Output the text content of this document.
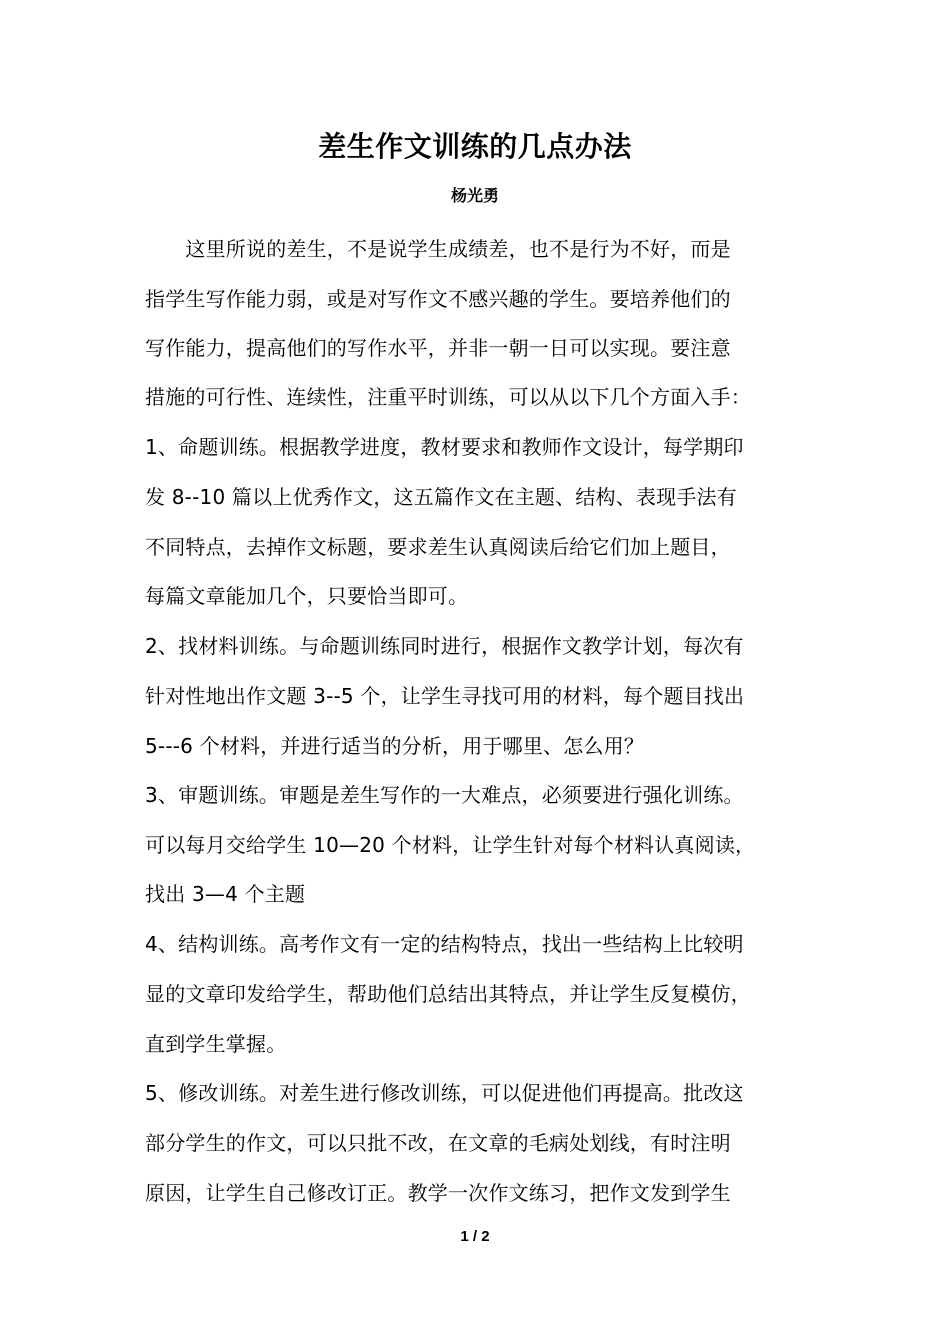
差生作文训练的几点办法
杨光勇
　　这里所说的差生，不是说学生成绩差，也不是行为不好，而是
指学生写作能力弱，或是对写作文不感兴趣的学生。要培养他们的
写作能力，提高他们的写作水平，并非一朝一日可以实现。要注意
措施的可行性、连续性，注重平时训练，可以从以下几个方面入手：
1、命题训练。根据教学进度，教材要求和教师作文设计，每学期印
发 8--10 篇以上优秀作文，这五篇作文在主题、结构、表现手法有
不同特点，去掉作文标题，要求差生认真阅读后给它们加上题目，
每篇文章能加几个，只要恰当即可。
2、找材料训练。与命题训练同时进行，根据作文教学计划，每次有
针对性地出作文题 3--5 个，让学生寻找可用的材料，每个题目找出
5---6 个材料，并进行适当的分析，用于哪里、怎么用？
3、审题训练。审题是差生写作的一大难点，必须要进行强化训练。
可以每月交给学生 10—20 个材料，让学生针对每个材料认真阅读，
找出 3—4 个主题
4、结构训练。高考作文有一定的结构特点，找出一些结构上比较明
显的文章印发给学生，帮助他们总结出其特点，并让学生反复模仿，
直到学生掌握。
5、修改训练。对差生进行修改训练，可以促进他们再提高。批改这
部分学生的作文，可以只批不改，在文章的毛病处划线，有时注明
原因，让学生自己修改订正。教学一次作文练习，把作文发到学生
1 / 2
